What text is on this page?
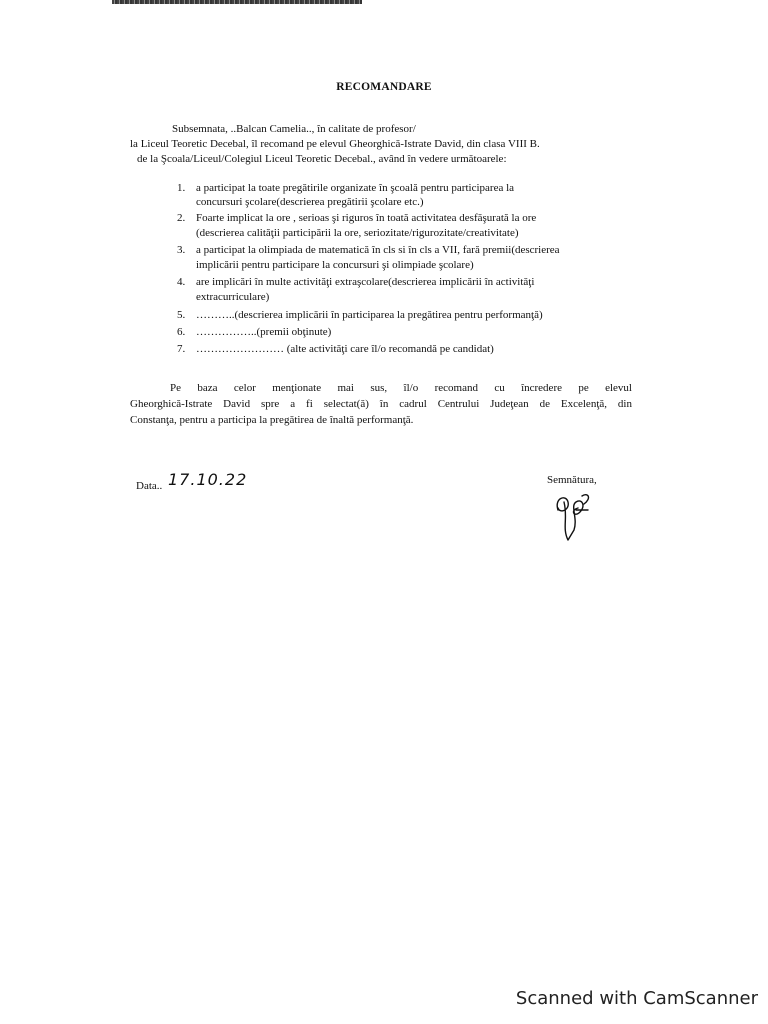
RECOMANDARE
Subsemnata, ..Balcan Camelia.., în calitate de profesor/
la Liceul Teoretic Decebal, îl recomand pe elevul Gheorghică-Istrate David, din clasa VIII B.
de la Şcoala/Liceul/Colegiul Liceul Teoretic Decebal., având în vedere următoarele:
1. a participat la toate pregătirile organizate în şcoală pentru participarea la
concursuri şcolare(descrierea pregătirii şcolare etc.)
2. Foarte implicat la ore , serioas şi riguros în toată activitatea desfăşurată la ore
(descrierea calităţii participării la ore, seriozitate/rigurozitate/creativitate)
3. a participat la olimpiada de matematică în cls si în cls a VII, fară premii(descrierea
implicării pentru participare la concursuri şi olimpiade şcolare)
4. are implicări în multe activităţi extraşcolare(descrierea implicării în activităţi
extracurriculare)
5. ………..(descrierea implicării în participarea la pregătirea pentru performanţă)
6. ……………..(premii obţinute)
7. …………………… (alte activităţi care îl/o recomandă pe candidat)
Pe baza celor menţionate mai sus, îl/o recomand cu încredere pe elevul
Gheorghică-Istrate David spre a fi selectat(ă) în cadrul Centrului Judeţean de Excelenţă, din
Constanţa, pentru a participa la pregătirea de înaltă performanţă.
Data.. 17.10.22	Semnătura,
Scanned with CamScanner
